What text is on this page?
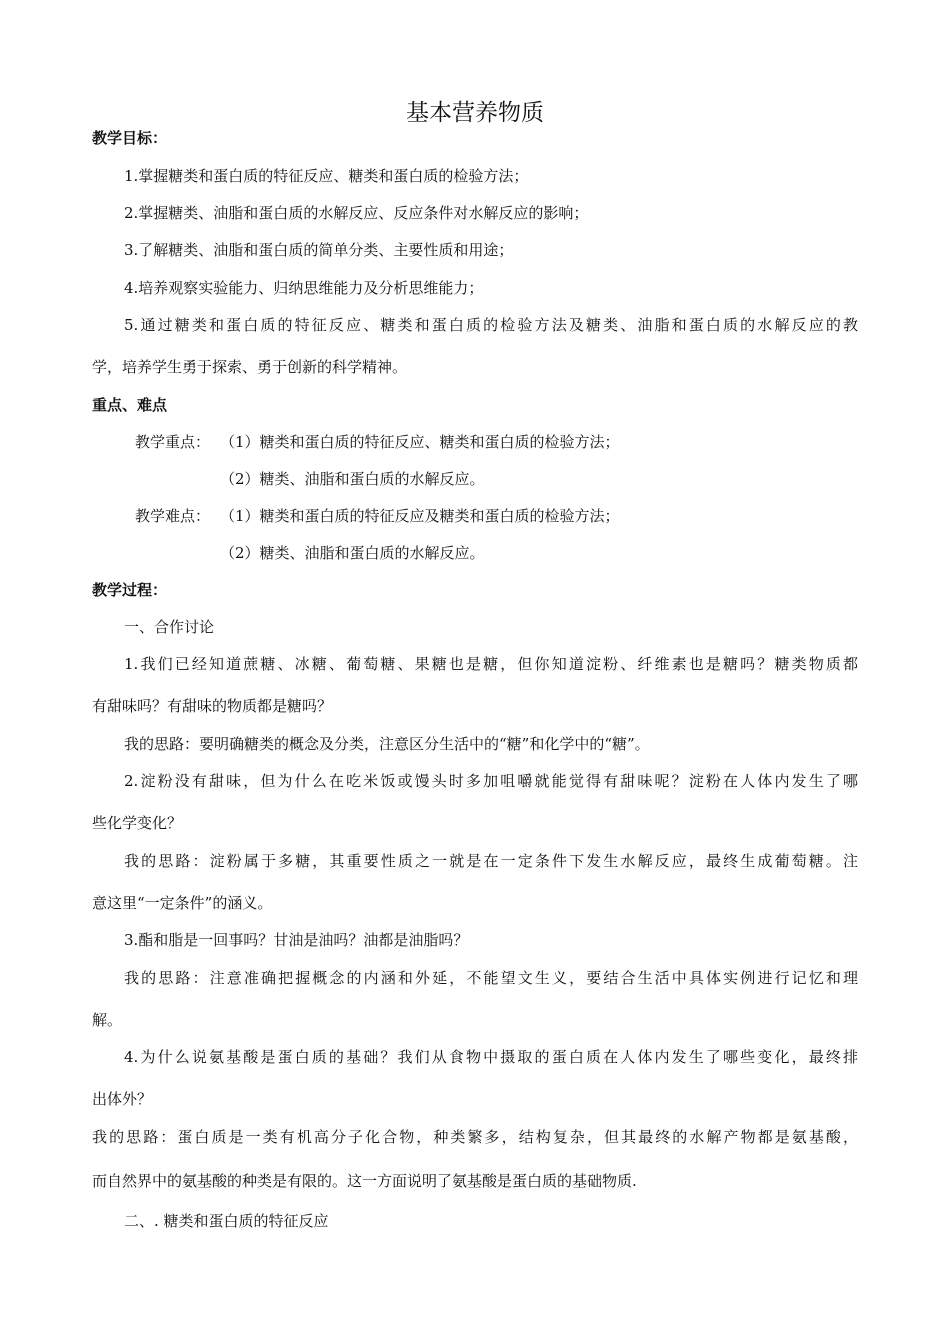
基本营养物质
教学目标：
1.掌握糖类和蛋白质的特征反应、糖类和蛋白质的检验方法；
2.掌握糖类、油脂和蛋白质的水解反应、反应条件对水解反应的影响；
3.了解糖类、油脂和蛋白质的简单分类、主要性质和用途；
4.培养观察实验能力、归纳思维能力及分析思维能力；
5.通过糖类和蛋白质的特征反应、糖类和蛋白质的检验方法及糖类、油脂和蛋白质的水解反应的教
学，培养学生勇于探索、勇于创新的科学精神。
重点、难点
教学重点： （1）糖类和蛋白质的特征反应、糖类和蛋白质的检验方法；
（2）糖类、油脂和蛋白质的水解反应。
教学难点： （1）糖类和蛋白质的特征反应及糖类和蛋白质的检验方法；
（2）糖类、油脂和蛋白质的水解反应。
教学过程：
一、合作讨论
1.我们已经知道蔗糖、冰糖、葡萄糖、果糖也是糖，但你知道淀粉、纤维素也是糖吗？糖类物质都
有甜味吗？有甜味的物质都是糖吗？
我的思路：要明确糖类的概念及分类，注意区分生活中的“糖”和化学中的“糖”。
2.淀粉没有甜味，但为什么在吃米饭或馒头时多加咀嚼就能觉得有甜味呢？淀粉在人体内发生了哪
些化学变化？
我的思路：淀粉属于多糖，其重要性质之一就是在一定条件下发生水解反应，最终生成葡萄糖。注
意这里“一定条件”的涵义。
3.酯和脂是一回事吗？甘油是油吗？油都是油脂吗？
我的思路：注意准确把握概念的内涵和外延，不能望文生义，要结合生活中具体实例进行记忆和理
解。
4.为什么说氨基酸是蛋白质的基础？我们从食物中摄取的蛋白质在人体内发生了哪些变化，最终排
出体外？
我的思路：蛋白质是一类有机高分子化合物，种类繁多，结构复杂，但其最终的水解产物都是氨基酸，
而自然界中的氨基酸的种类是有限的。这一方面说明了氨基酸是蛋白质的基础物质.
二、. 糖类和蛋白质的特征反应
